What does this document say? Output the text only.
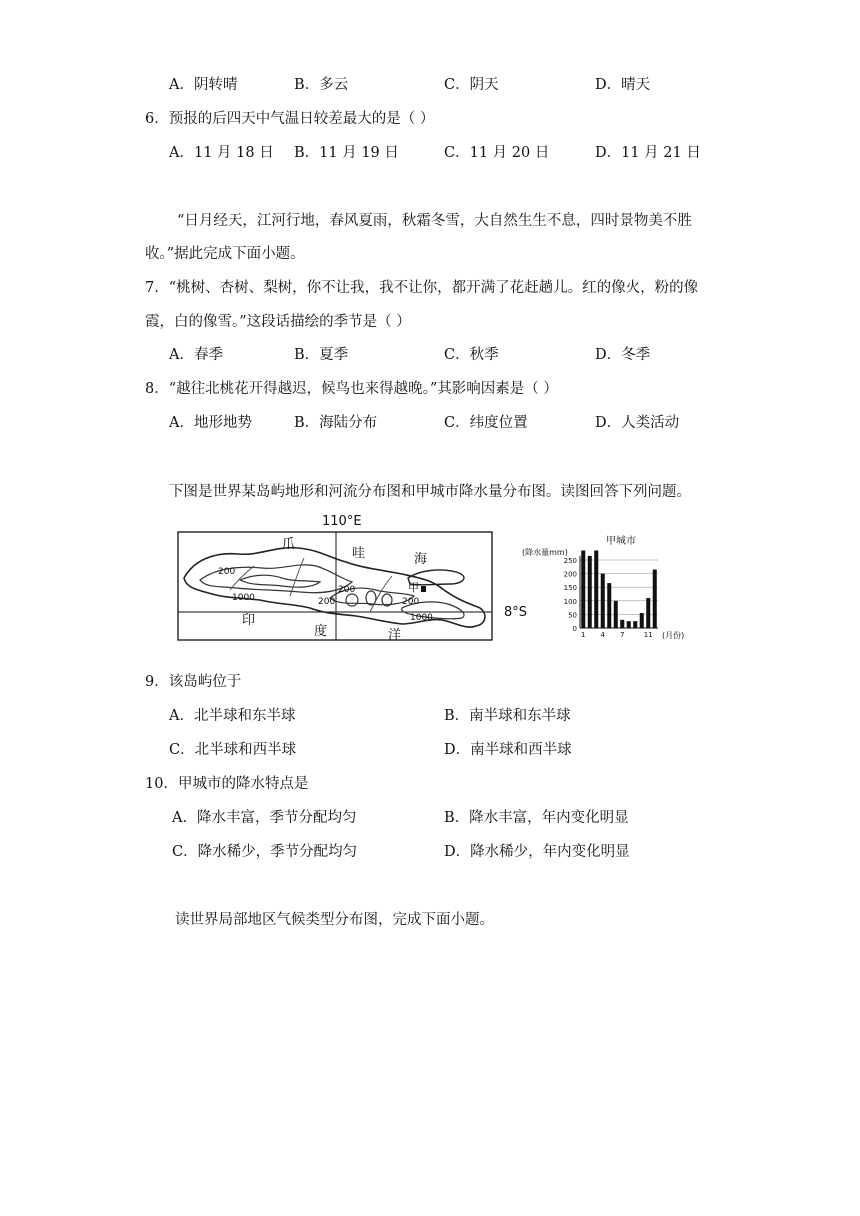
A．阴转晴	B．多云	C．阴天	D．晴天
6．预报的后四天中气温日较差最大的是（ ）
A．11 月 18 日 B．11 月 19 日	C．11 月 20 日	D．11 月 21 日
“日月经天，江河行地，春风夏雨，秋霜冬雪，大自然生生不息，四时景物美不胜
收。”据此完成下面小题。
7．“桃树、杏树、梨树，你不让我，我不让你，都开满了花赶趟儿。红的像火，粉的像
霞，白的像雪。”这段话描绘的季节是（ ）
A．春季	B．夏季	C．秋季	D．冬季
8．“越往北桃花开得越迟，候鸟也来得越晚。”其影响因素是（ ）
A．地形地势	B．海陆分布	C．纬度位置	D．人类活动
下图是世界某岛屿地形和河流分布图和甲城市降水量分布图。读图回答下列问题。
110°E
爪
哇	海
甲
印
度	洋
200
1000	200
200
200
1000	8°S
甲城市
(降水量mm)
(月份)
0
50
100
150
200
250
1 4 7	11
9．该岛屿位于
A．北半球和东半球	B．南半球和东半球
C．北半球和西半球	D．南半球和西半球
10．甲城市的降水特点是
A．降水丰富，季节分配均匀	B．降水丰富，年内变化明显
C．降水稀少，季节分配均匀	D．降水稀少，年内变化明显
读世界局部地区气候类型分布图，完成下面小题。
